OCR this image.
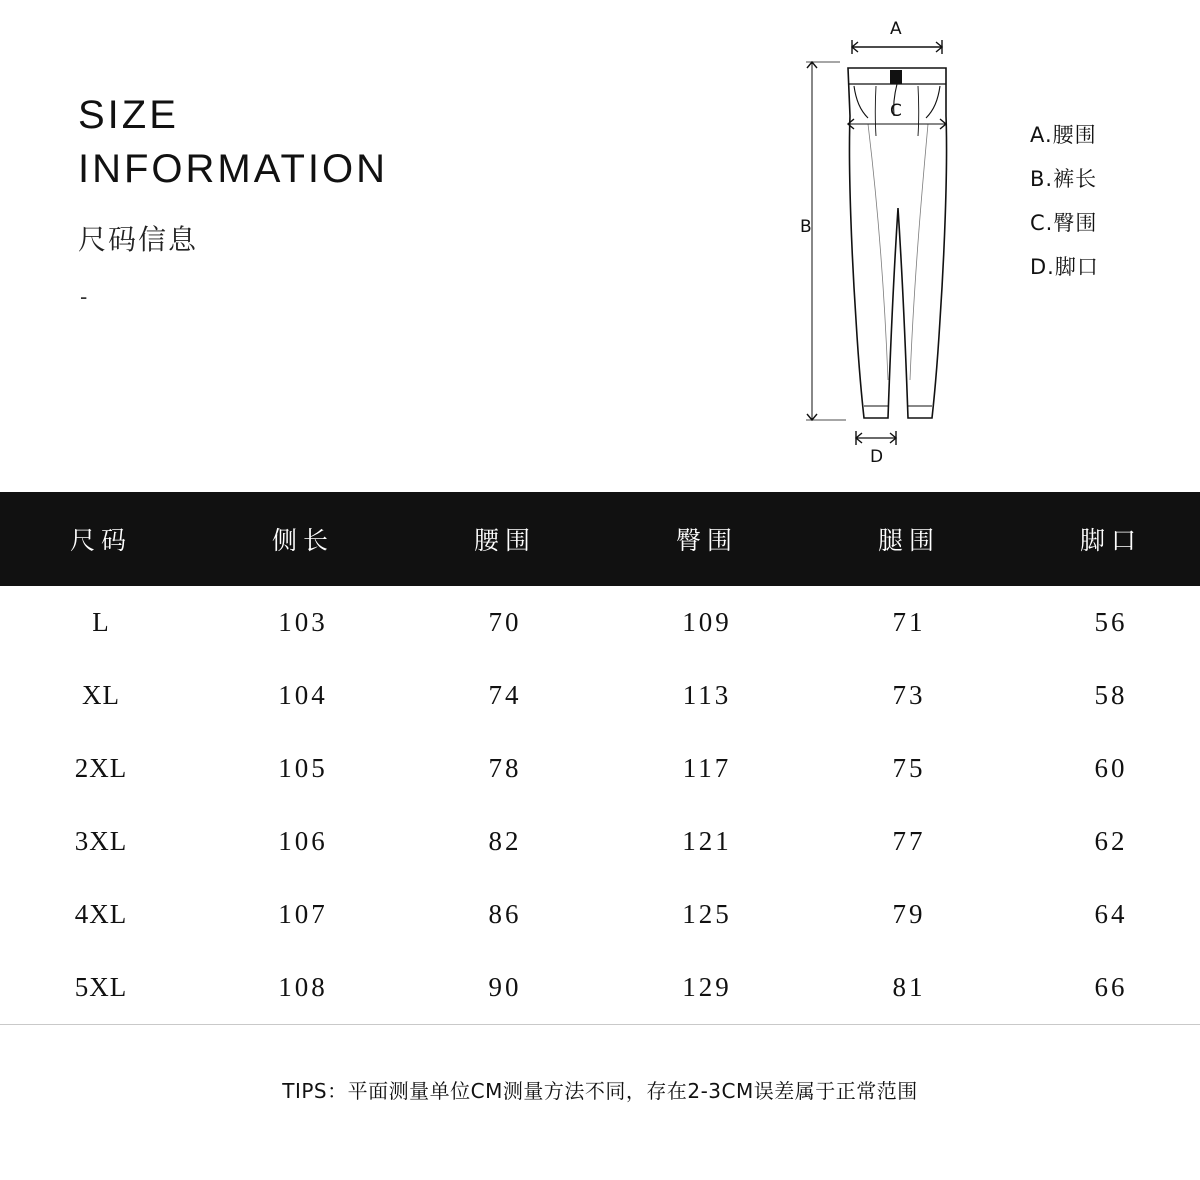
SIZE
INFORMATION
尺码信息
-
A
B
C
D
A.腰围
B.裤长
C.臀围
D.脚口
尺码	侧长	腰围	臀围	腿围	脚口
L	103	70	109	71	56
XL	104	74	113	73	58
2XL	105	78	117	75	60
3XL	106	82	121	77	62
4XL	107	86	125	79	64
5XL	108	90	129	81	66
TIPS：平面测量单位CM测量方法不同，存在2-3CM误差属于正常范围
